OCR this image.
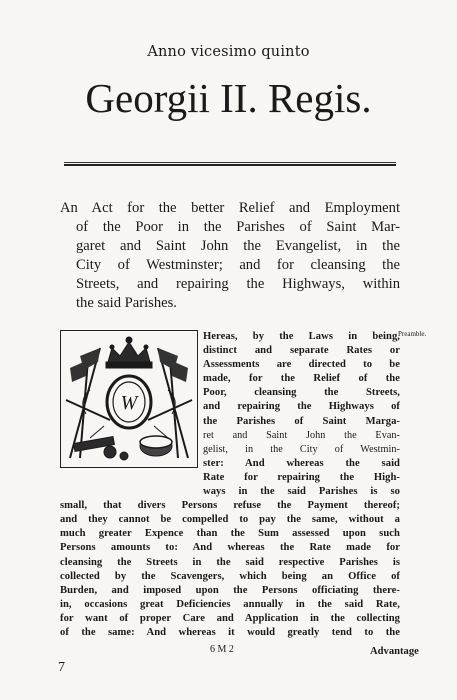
Anno vicesimo quinto
Georgii II. Regis.
An Act for the better Relief and Employment
of the Poor in the Parishes of Saint Mar-
garet and Saint John the Evangelist, in the
City of Westminster; and for cleansing the
Streets, and repairing the Highways, within
the said Parishes.
W
Preamble.
Hereas, by the Laws in being,
distinct and separate Rates or
Assessments are directed to be
made, for the Relief of the
Poor, cleansing the Streets,
and repairing the Highways of
the Parishes of Saint Marga-
ret and Saint John the Evan-
gelist, in the City of Westmin-
ster: And whereas the said
Rate for repairing the High-
ways in the said Parishes is so
small, that divers Persons refuse the Payment thereof;
and they cannot be compelled to pay the same, without a
much greater Expence than the Sum assessed upon such
Persons amounts to: And whereas the Rate made for
cleansing the Streets in the said respective Parishes is
collected by the Scavengers, which being an Office of
Burden, and imposed upon the Persons officiating there-
in, occasions great Deficiencies annually in the said Rate,
for want of proper Care and Application in the collecting
of the same: And whereas it would greatly tend to the
6 M 2	Advantage
7
